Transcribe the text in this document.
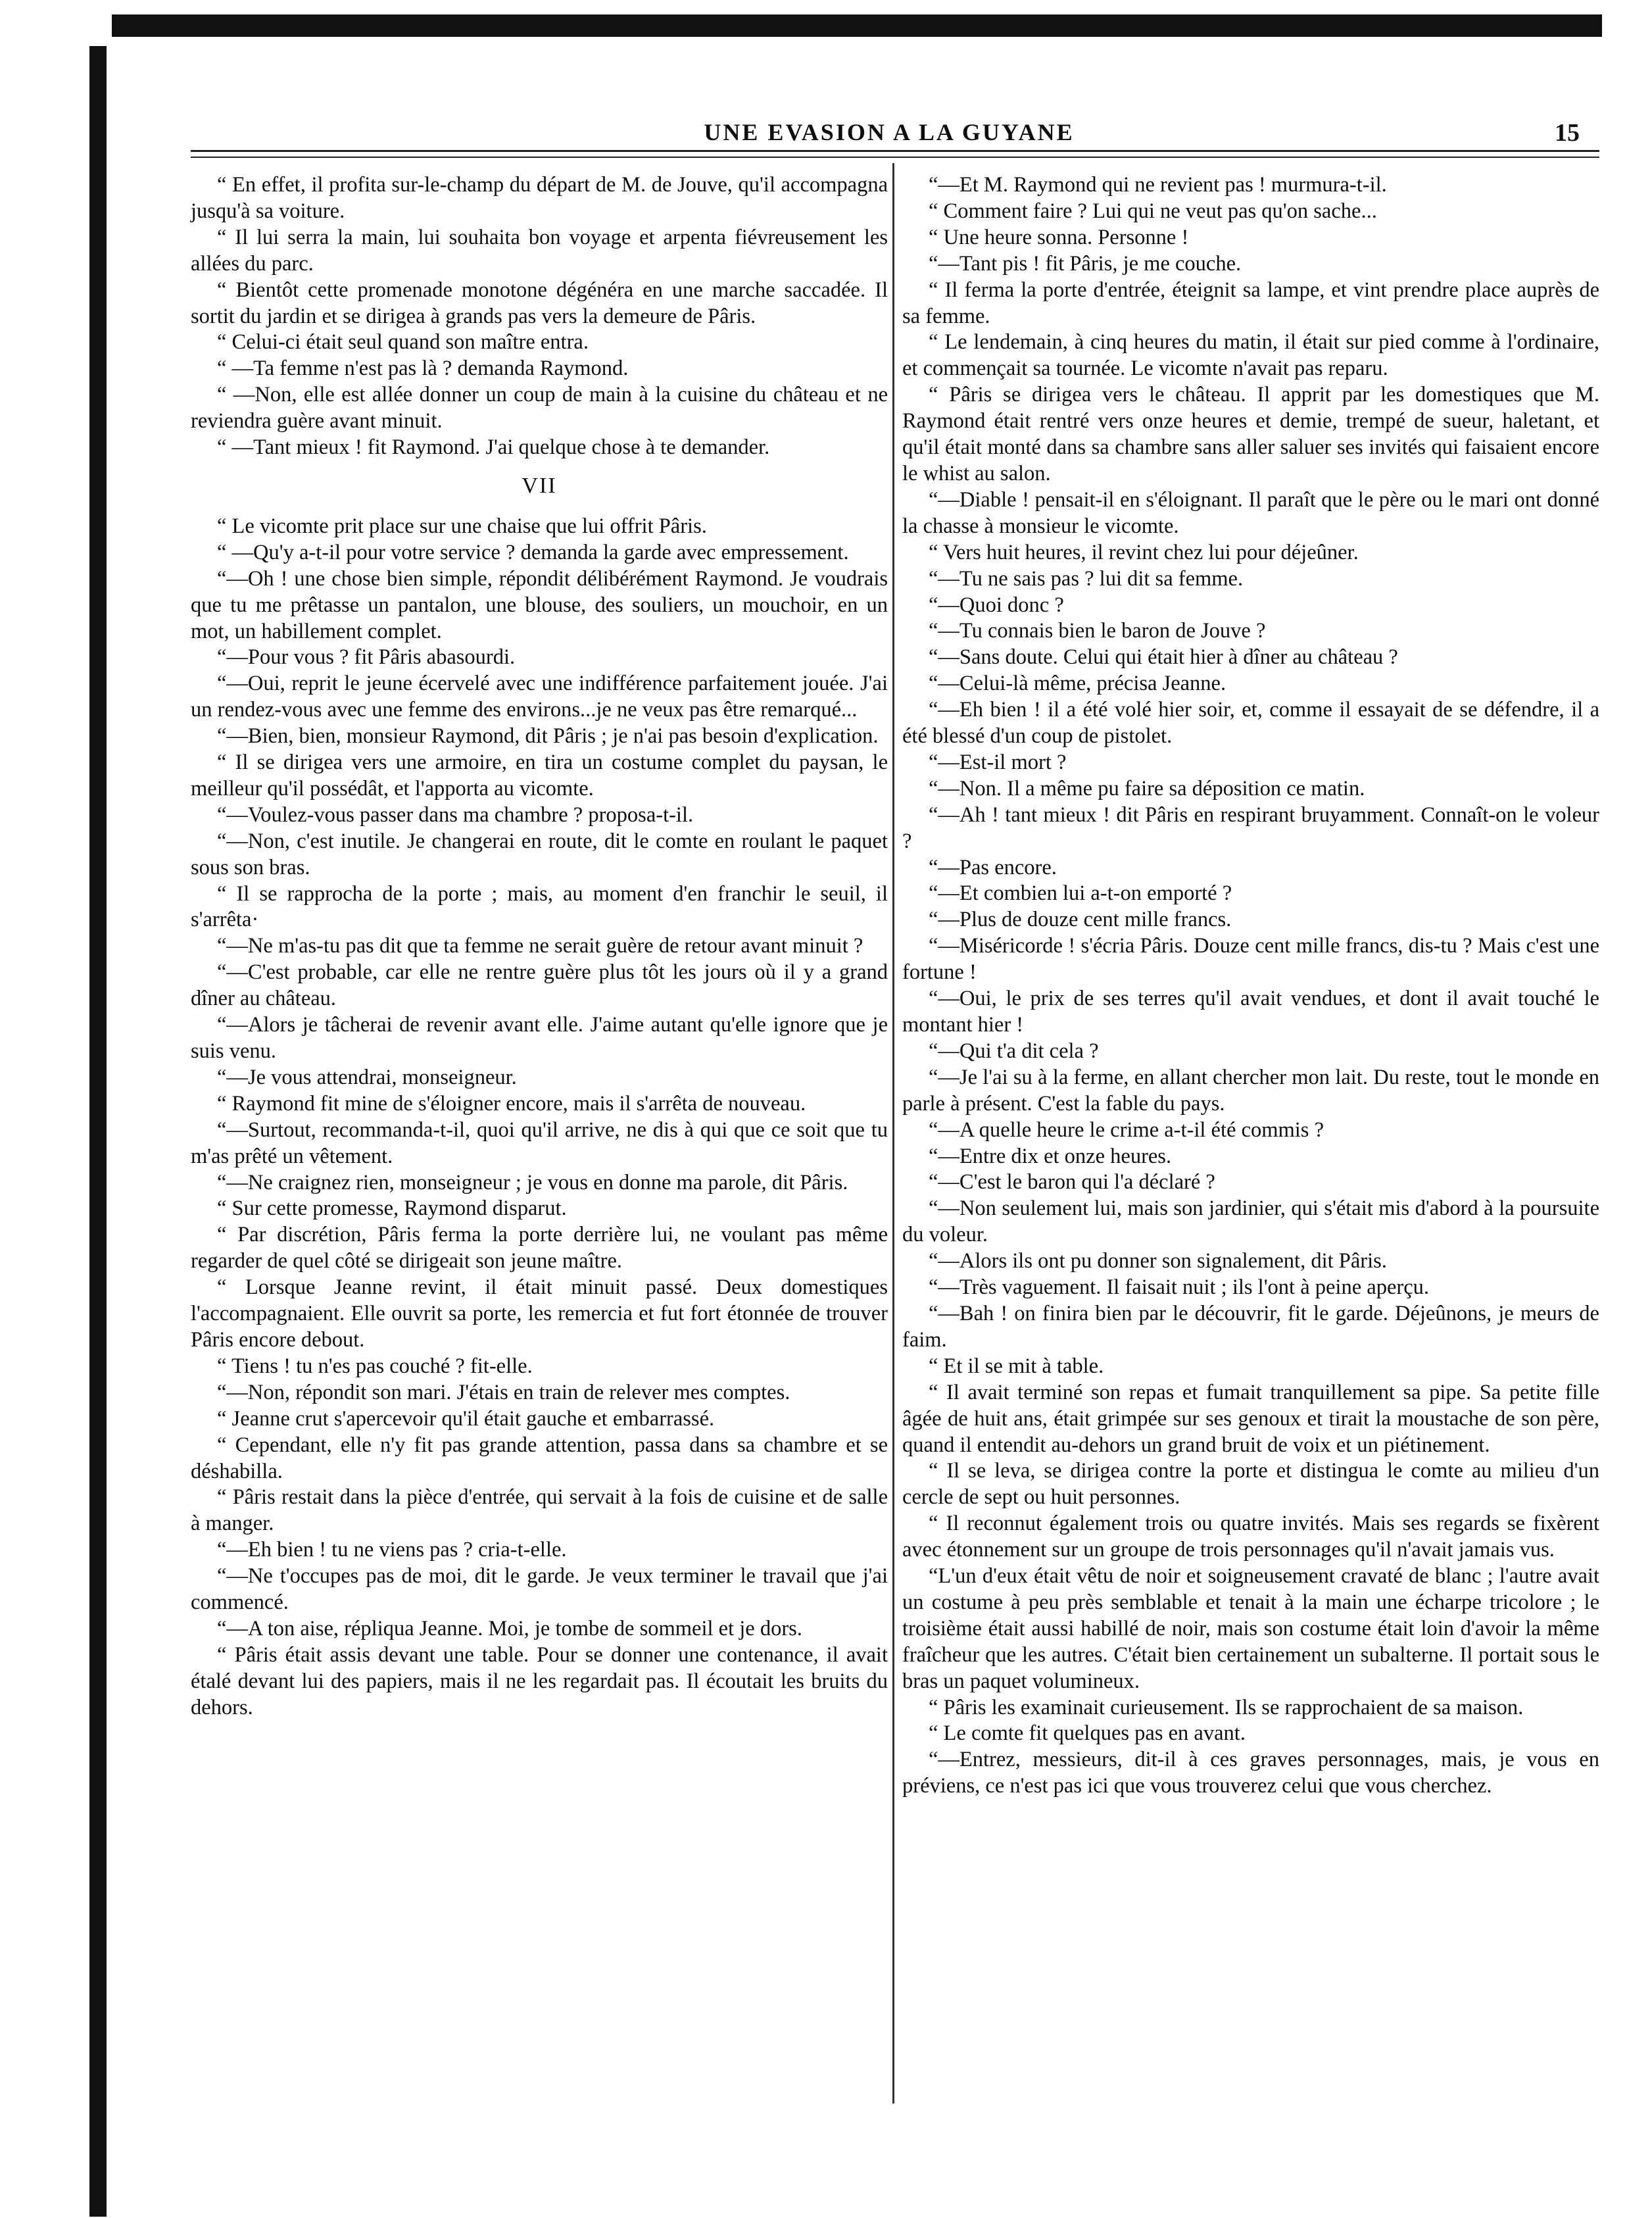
UNE EVASION A LA GUYANE	15

“ En effet, il profita sur-le-champ du départ de M. de Jouve, qu'il accompagna jusqu'à sa voiture.

“ Il lui serra la main, lui souhaita bon voyage et arpenta fiévreusement les allées du parc.

“ Bientôt cette promenade monotone dégénéra en une marche saccadée. Il sortit du jardin et se dirigea à grands pas vers la demeure de Pâris.

“ Celui-ci était seul quand son maître entra.

“ —Ta femme n'est pas là ? demanda Raymond.

“ —Non, elle est allée donner un coup de main à la cuisine du château et ne reviendra guère avant minuit.

“ —Tant mieux ! fit Raymond. J'ai quelque chose à te demander.

VII

“ Le vicomte prit place sur une chaise que lui offrit Pâris.

“ —Qu'y a-t-il pour votre service ? demanda la garde avec empressement.

“—Oh ! une chose bien simple, répondit délibérément Raymond. Je voudrais que tu me prêtasse un pantalon, une blouse, des souliers, un mouchoir, en un mot, un habillement complet.

“—Pour vous ? fit Pâris abasourdi.

“—Oui, reprit le jeune écervelé avec une indifférence parfaitement jouée. J'ai un rendez-vous avec une femme des environs...je ne veux pas être remarqué...

“—Bien, bien, monsieur Raymond, dit Pâris ; je n'ai pas besoin d'explication.

“ Il se dirigea vers une armoire, en tira un costume complet du paysan, le meilleur qu'il possédât, et l'apporta au vicomte.

“—Voulez-vous passer dans ma chambre ? proposa-t-il.

“—Non, c'est inutile. Je changerai en route, dit le comte en roulant le paquet sous son bras.

“ Il se rapprocha de la porte ; mais, au moment d'en franchir le seuil, il s'arrêta·

“—Ne m'as-tu pas dit que ta femme ne serait guère de retour avant minuit ?

“—C'est probable, car elle ne rentre guère plus tôt les jours où il y a grand dîner au château.

“—Alors je tâcherai de revenir avant elle. J'aime autant qu'elle ignore que je suis venu.

“—Je vous attendrai, monseigneur.

“ Raymond fit mine de s'éloigner encore, mais il s'arrêta de nouveau.

“—Surtout, recommanda-t-il, quoi qu'il arrive, ne dis à qui que ce soit que tu m'as prêté un vêtement.

“—Ne craignez rien, monseigneur ; je vous en donne ma parole, dit Pâris.

“ Sur cette promesse, Raymond disparut.

“ Par discrétion, Pâris ferma la porte derrière lui, ne voulant pas même regarder de quel côté se dirigeait son jeune maître.

“ Lorsque Jeanne revint, il était minuit passé. Deux domestiques l'accompagnaient. Elle ouvrit sa porte, les remercia et fut fort étonnée de trouver Pâris encore debout.

“ Tiens ! tu n'es pas couché ? fit-elle.

“—Non, répondit son mari. J'étais en train de relever mes comptes.

“ Jeanne crut s'apercevoir qu'il était gauche et embarrassé.

“ Cependant, elle n'y fit pas grande attention, passa dans sa chambre et se déshabilla.

“ Pâris restait dans la pièce d'entrée, qui servait à la fois de cuisine et de salle à manger.

“—Eh bien ! tu ne viens pas ? cria-t-elle.

“—Ne t'occupes pas de moi, dit le garde. Je veux terminer le travail que j'ai commencé.

“—A ton aise, répliqua Jeanne. Moi, je tombe de sommeil et je dors.

“ Pâris était assis devant une table. Pour se donner une contenance, il avait étalé devant lui des papiers, mais il ne les regardait pas. Il écoutait les bruits du dehors.

“—Et M. Raymond qui ne revient pas ! murmura-t-il.

“ Comment faire ? Lui qui ne veut pas qu'on sache...

“ Une heure sonna. Personne !

“—Tant pis ! fit Pâris, je me couche.

“ Il ferma la porte d'entrée, éteignit sa lampe, et vint prendre place auprès de sa femme.

“ Le lendemain, à cinq heures du matin, il était sur pied comme à l'ordinaire, et commençait sa tournée. Le vicomte n'avait pas reparu.

“ Pâris se dirigea vers le château. Il apprit par les domestiques que M. Raymond était rentré vers onze heures et demie, trempé de sueur, haletant, et qu'il était monté dans sa chambre sans aller saluer ses invités qui faisaient encore le whist au salon.

“—Diable ! pensait-il en s'éloignant. Il paraît que le père ou le mari ont donné la chasse à monsieur le vicomte.

“ Vers huit heures, il revint chez lui pour déjeûner.

“—Tu ne sais pas ? lui dit sa femme.

“—Quoi donc ?

“—Tu connais bien le baron de Jouve ?

“—Sans doute. Celui qui était hier à dîner au château ?

“—Celui-là même, précisa Jeanne.

“—Eh bien ! il a été volé hier soir, et, comme il essayait de se défendre, il a été blessé d'un coup de pistolet.

“—Est-il mort ?

“—Non. Il a même pu faire sa déposition ce matin.

“—Ah ! tant mieux ! dit Pâris en respirant bruyamment. Connaît-on le voleur ?

“—Pas encore.

“—Et combien lui a-t-on emporté ?

“—Plus de douze cent mille francs.

“—Miséricorde ! s'écria Pâris. Douze cent mille francs, dis-tu ? Mais c'est une fortune !

“—Oui, le prix de ses terres qu'il avait vendues, et dont il avait touché le montant hier !

“—Qui t'a dit cela ?

“—Je l'ai su à la ferme, en allant chercher mon lait. Du reste, tout le monde en parle à présent. C'est la fable du pays.

“—A quelle heure le crime a-t-il été commis ?

“—Entre dix et onze heures.

“—C'est le baron qui l'a déclaré ?

“—Non seulement lui, mais son jardinier, qui s'était mis d'abord à la poursuite du voleur.

“—Alors ils ont pu donner son signalement, dit Pâris.

“—Très vaguement. Il faisait nuit ; ils l'ont à peine aperçu.

“—Bah ! on finira bien par le découvrir, fit le garde. Déjeûnons, je meurs de faim.

“ Et il se mit à table.

“ Il avait terminé son repas et fumait tranquillement sa pipe. Sa petite fille âgée de huit ans, était grimpée sur ses genoux et tirait la moustache de son père, quand il entendit au-dehors un grand bruit de voix et un piétinement.

“ Il se leva, se dirigea contre la porte et distingua le comte au milieu d'un cercle de sept ou huit personnes.

“ Il reconnut également trois ou quatre invités. Mais ses regards se fixèrent avec étonnement sur un groupe de trois personnages qu'il n'avait jamais vus.

“L'un d'eux était vêtu de noir et soigneusement cravaté de blanc ; l'autre avait un costume à peu près semblable et tenait à la main une écharpe tricolore ; le troisième était aussi habillé de noir, mais son costume était loin d'avoir la même fraîcheur que les autres. C'était bien certainement un subalterne. Il portait sous le bras un paquet volumineux.

“ Pâris les examinait curieusement. Ils se rapprochaient de sa maison.

“ Le comte fit quelques pas en avant.

“—Entrez, messieurs, dit-il à ces graves personnages, mais, je vous en préviens, ce n'est pas ici que vous trouverez celui que vous cherchez.
